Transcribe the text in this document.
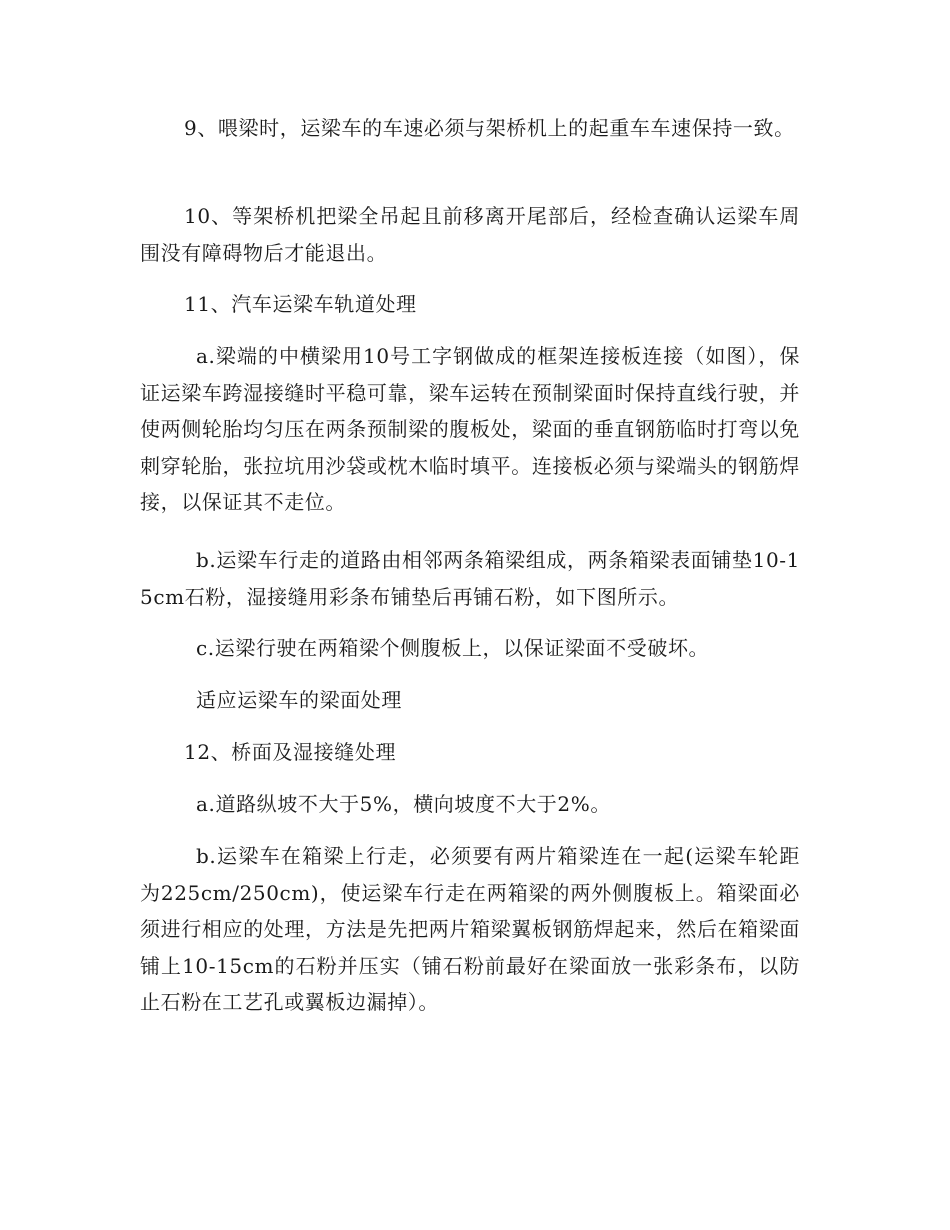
9、喂梁时，运梁车的车速必须与架桥机上的起重车车速保持一致。

10、等架桥机把梁全吊起且前移离开尾部后，经检查确认运梁车周围没有障碍物后才能退出。

11、汽车运梁车轨道处理

a.梁端的中横梁用10号工字钢做成的框架连接板连接（如图），保证运梁车跨湿接缝时平稳可靠，梁车运转在预制梁面时保持直线行驶，并使两侧轮胎均匀压在两条预制梁的腹板处，梁面的垂直钢筋临时打弯以免刺穿轮胎，张拉坑用沙袋或枕木临时填平。连接板必须与梁端头的钢筋焊接，以保证其不走位。

b.运梁车行走的道路由相邻两条箱梁组成，两条箱梁表面铺垫10-15cm石粉，湿接缝用彩条布铺垫后再铺石粉，如下图所示。

c.运梁行驶在两箱梁个侧腹板上，以保证梁面不受破坏。

适应运梁车的梁面处理

12、桥面及湿接缝处理

a.道路纵坡不大于5%，横向坡度不大于2%。

b.运梁车在箱梁上行走，必须要有两片箱梁连在一起(运梁车轮距为225cm/250cm)，使运梁车行走在两箱梁的两外侧腹板上。箱梁面必须进行相应的处理，方法是先把两片箱梁翼板钢筋焊起来，然后在箱梁面铺上10-15cm的石粉并压实（铺石粉前最好在梁面放一张彩条布，以防止石粉在工艺孔或翼板边漏掉）。
